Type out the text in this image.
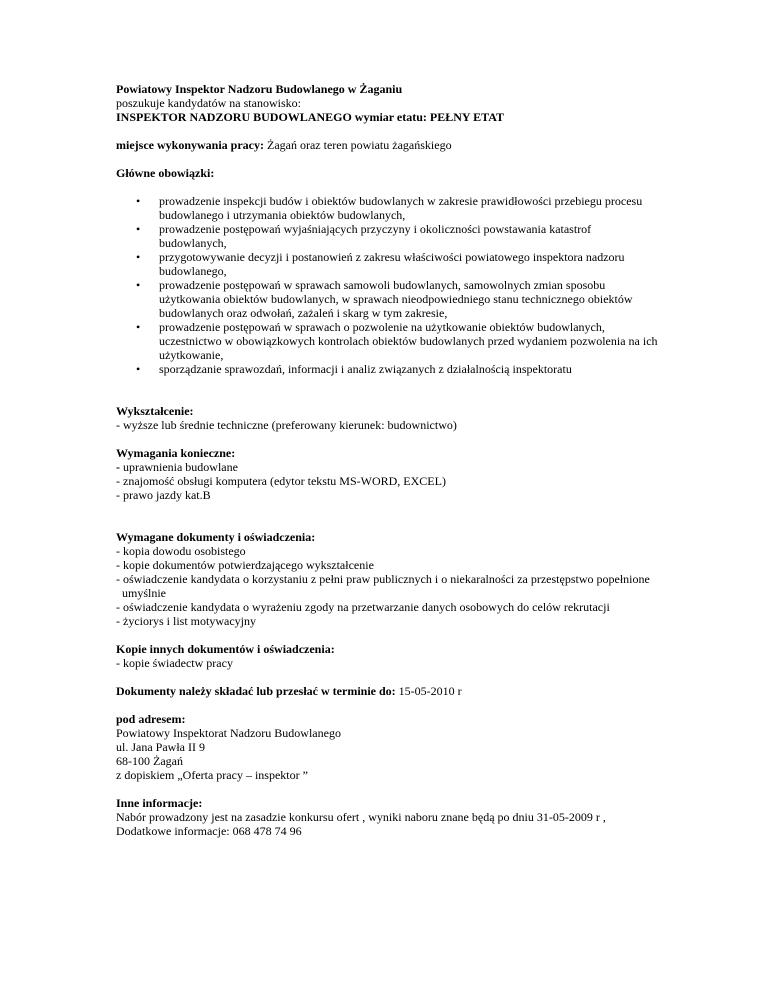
Powiatowy Inspektor Nadzoru Budowlanego w Żaganiu
poszukuje kandydatów na stanowisko:
INSPEKTOR NADZORU BUDOWLANEGO wymiar etatu: PEŁNY ETAT
miejsce wykonywania pracy: Żagań oraz teren powiatu żagańskiego
Główne obowiązki:
• prowadzenie inspekcji budów i obiektów budowlanych w zakresie prawidłowości przebiegu procesu
budowlanego i utrzymania obiektów budowlanych,
• prowadzenie postępowań wyjaśniających przyczyny i okoliczności powstawania katastrof
budowlanych,
• przygotowywanie decyzji i postanowień z zakresu właściwości powiatowego inspektora nadzoru
budowlanego,
• prowadzenie postępowań w sprawach samowoli budowlanych, samowolnych zmian sposobu
użytkowania obiektów budowlanych, w sprawach nieodpowiedniego stanu technicznego obiektów
budowlanych oraz odwołań, zażaleń i skarg w tym zakresie,
• prowadzenie postępowań w sprawach o pozwolenie na użytkowanie obiektów budowlanych,
uczestnictwo w obowiązkowych kontrolach obiektów budowlanych przed wydaniem pozwolenia na ich
użytkowanie,
• sporządzanie sprawozdań, informacji i analiz związanych z działalnością inspektoratu
Wykształcenie:
- wyższe lub średnie techniczne (preferowany kierunek: budownictwo)
Wymagania konieczne:
- uprawnienia budowlane
- znajomość obsługi komputera (edytor tekstu MS-WORD, EXCEL)
- prawo jazdy kat.B
Wymagane dokumenty i oświadczenia:
- kopia dowodu osobistego
- kopie dokumentów potwierdzającego wykształcenie
- oświadczenie kandydata o korzystaniu z pełni praw publicznych i o niekaralności za przestępstwo popełnione
umyślnie
- oświadczenie kandydata o wyrażeniu zgody na przetwarzanie danych osobowych do celów rekrutacji
- życiorys i list motywacyjny
Kopie innych dokumentów i oświadczenia:
- kopie świadectw pracy
Dokumenty należy składać lub przesłać w terminie do: 15-05-2010 r
pod adresem:
Powiatowy Inspektorat Nadzoru Budowlanego
ul. Jana Pawła II 9
68-100 Żagań
z dopiskiem „Oferta pracy – inspektor ”
Inne informacje:
Nabór prowadzony jest na zasadzie konkursu ofert , wyniki naboru znane będą po dniu 31-05-2009 r ,
Dodatkowe informacje: 068 478 74 96
